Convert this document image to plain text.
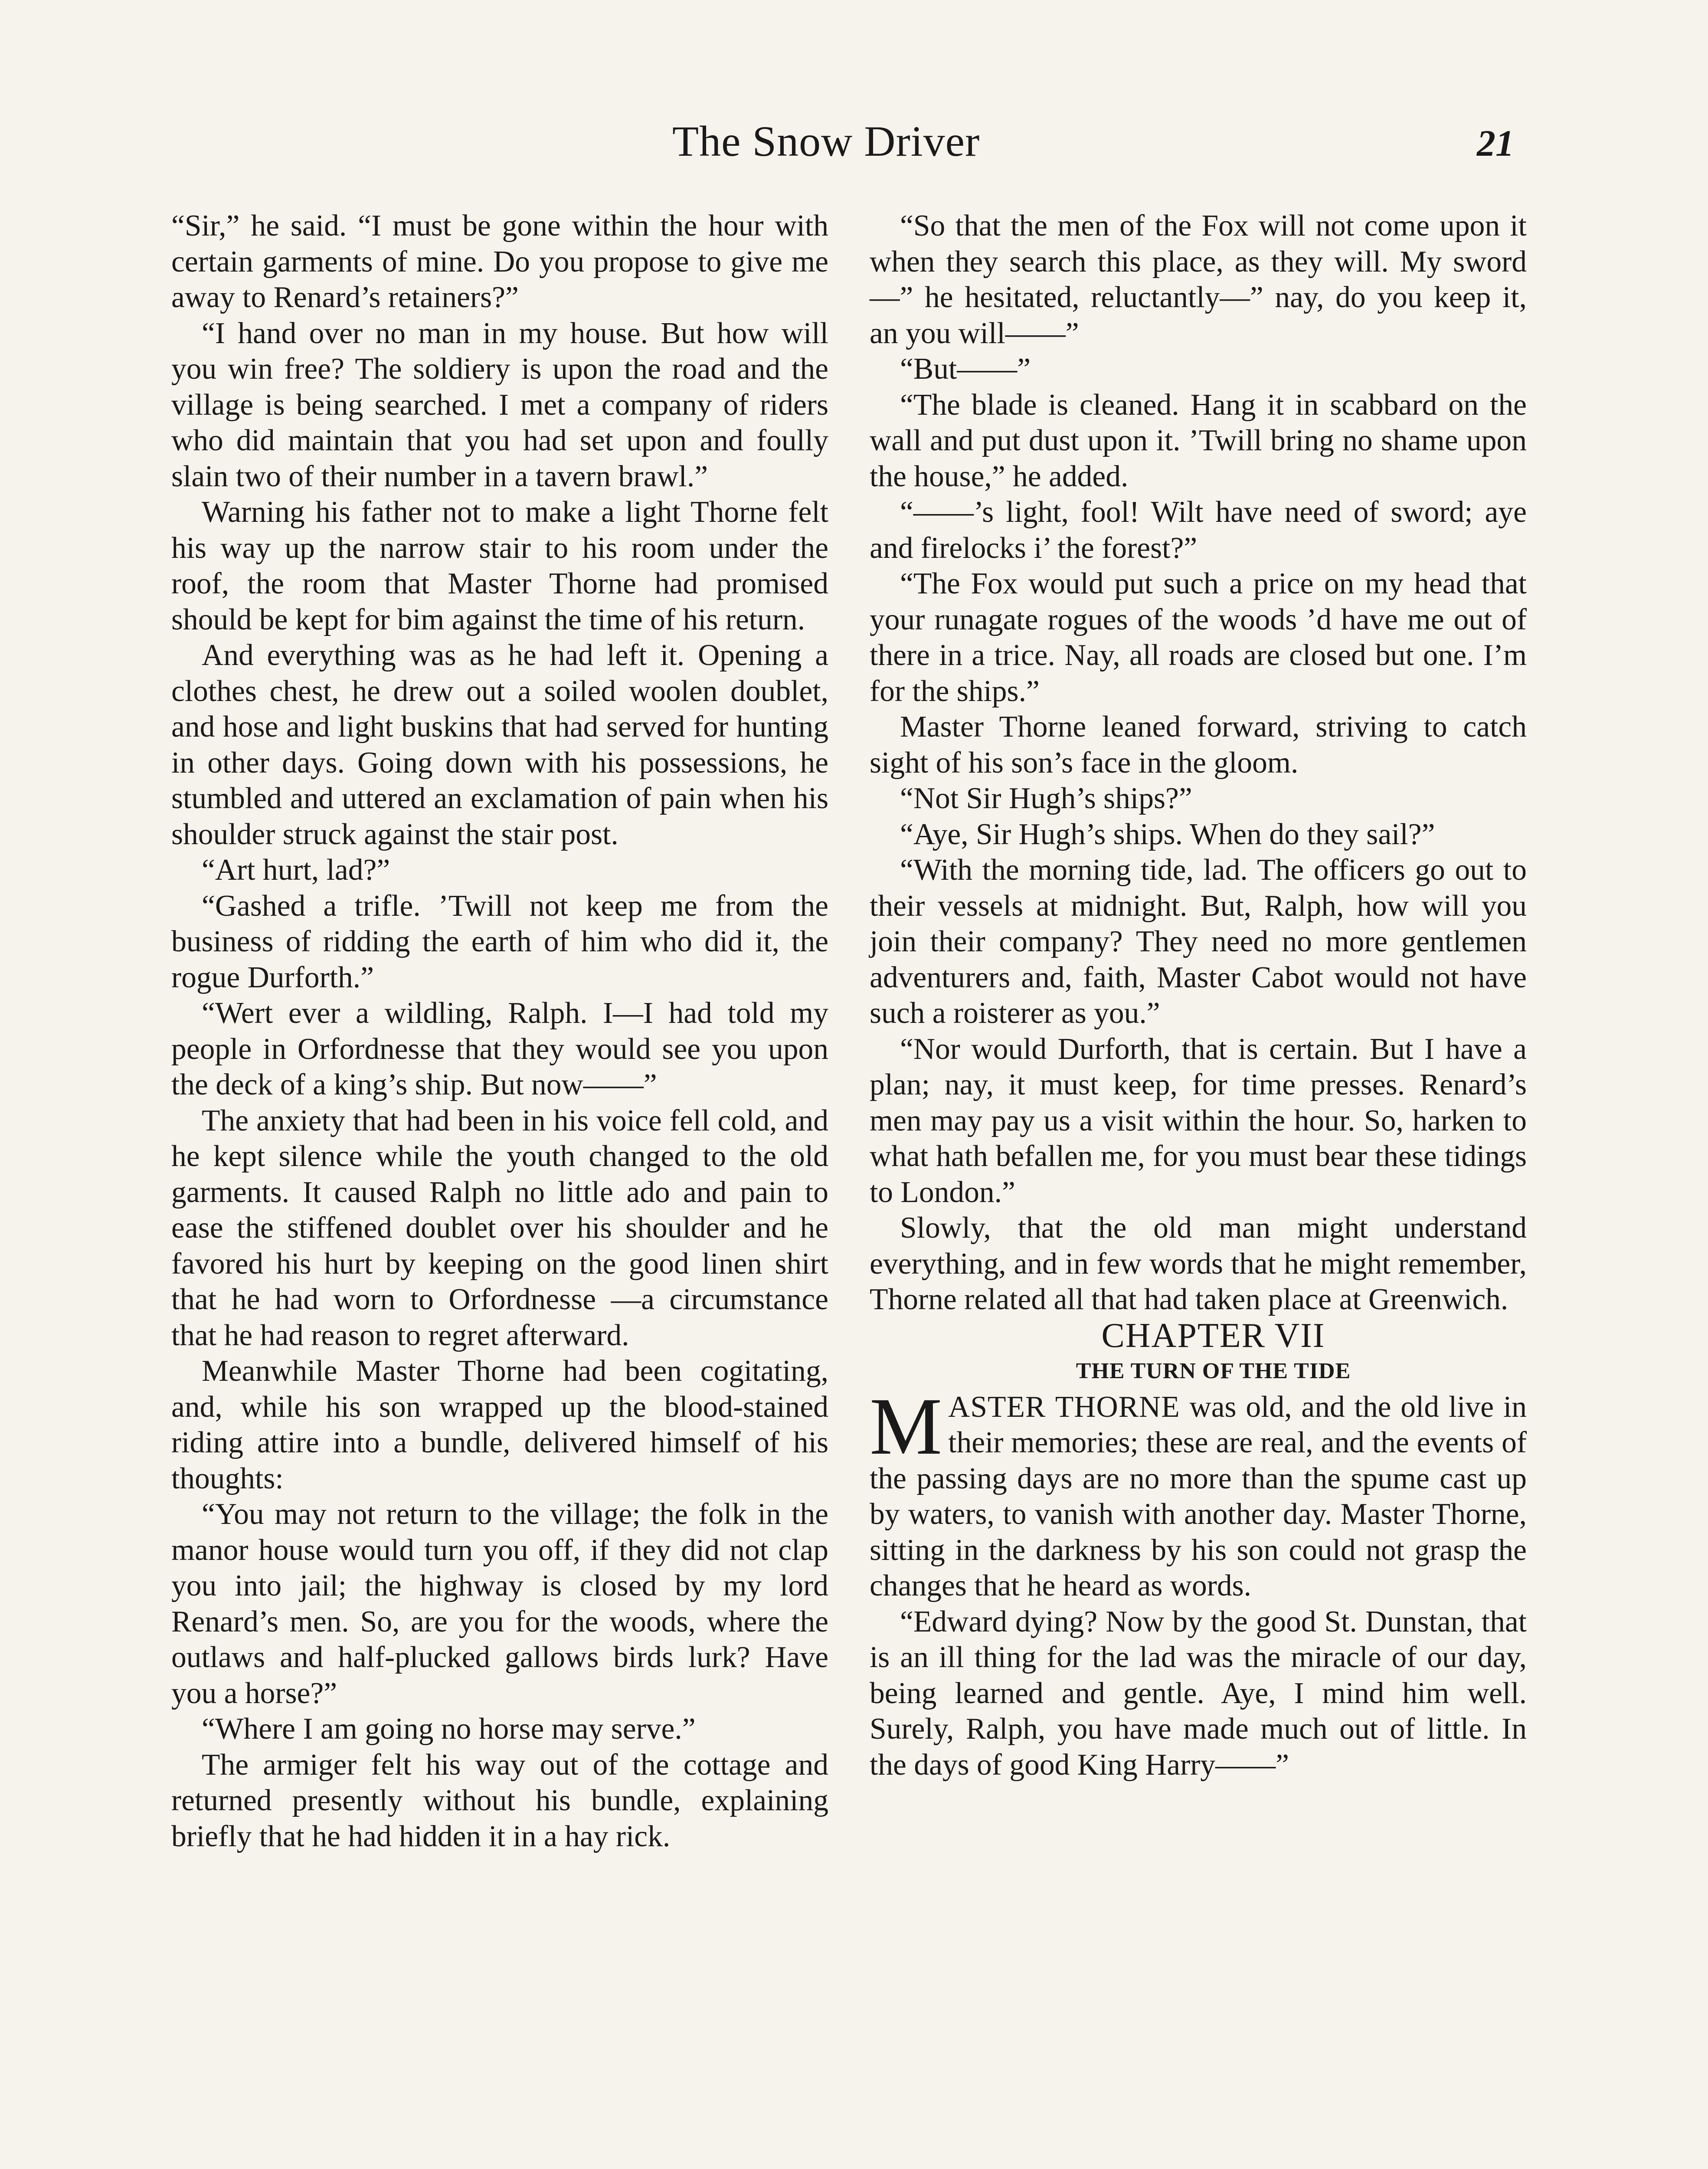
The Snow Driver	21

“Sir,” he said. “I must be gone within the hour with certain garments of mine. Do you propose to give me away to Renard’s retainers?”

“I hand over no man in my house. But how will you win free? The soldiery is upon the road and the village is being searched. I met a company of riders who did maintain that you had set upon and foully slain two of their number in a tavern brawl.”

Warning his father not to make a light Thorne felt his way up the narrow stair to his room under the roof, the room that Master Thorne had promised should be kept for bim against the time of his return.

And everything was as he had left it. Opening a clothes chest, he drew out a soiled woolen doublet, and hose and light buskins that had served for hunting in other days. Going down with his possessions, he stumbled and uttered an exclamation of pain when his shoulder struck against the stair post.

“Art hurt, lad?”

“Gashed a trifle. ’Twill not keep me from the business of ridding the earth of him who did it, the rogue Durforth.”

“Wert ever a wildling, Ralph. I—I had told my people in Orfordnesse that they would see you upon the deck of a king’s ship. But now——”

The anxiety that had been in his voice fell cold, and he kept silence while the youth changed to the old garments. It caused Ralph no little ado and pain to ease the stiffened doublet over his shoulder and he favored his hurt by keeping on the good linen shirt that he had worn to Orfordnesse —a circumstance that he had reason to regret afterward.

Meanwhile Master Thorne had been cogitating, and, while his son wrapped up the blood-stained riding attire into a bundle, delivered himself of his thoughts:

“You may not return to the village; the folk in the manor house would turn you off, if they did not clap you into jail; the highway is closed by my lord Renard’s men. So, are you for the woods, where the outlaws and half-plucked gallows birds lurk? Have you a horse?”

“Where I am going no horse may serve.”

The armiger felt his way out of the cottage and returned presently without his bundle, explaining briefly that he had hidden it in a hay rick.

“So that the men of the Fox will not come upon it when they search this place, as they will. My sword—” he hesitated, reluctantly—” nay, do you keep it, an you will——”

“But——”

“The blade is cleaned. Hang it in scabbard on the wall and put dust upon it. ’Twill bring no shame upon the house,” he added.

“——’s light, fool! Wilt have need of sword; aye and firelocks i’ the forest?”

“The Fox would put such a price on my head that your runagate rogues of the woods ’d have me out of there in a trice. Nay, all roads are closed but one. I’m for the ships.”

Master Thorne leaned forward, striving to catch sight of his son’s face in the gloom.

“Not Sir Hugh’s ships?”

“Aye, Sir Hugh’s ships. When do they sail?”

“With the morning tide, lad. The officers go out to their vessels at midnight. But, Ralph, how will you join their company? They need no more gentlemen adventurers and, faith, Master Cabot would not have such a roisterer as you.”

“Nor would Durforth, that is certain. But I have a plan; nay, it must keep, for time presses. Renard’s men may pay us a visit within the hour. So, harken to what hath befallen me, for you must bear these tidings to London.”

Slowly, that the old man might understand everything, and in few words that he might remember, Thorne related all that had taken place at Greenwich.

CHAPTER VII

THE TURN OF THE TIDE

MASTER THORNE was old, and the old live in their memories; these are real, and the events of the passing days are no more than the spume cast up by waters, to vanish with another day. Master Thorne, sitting in the darkness by his son could not grasp the changes that he heard as words.

“Edward dying? Now by the good St. Dunstan, that is an ill thing for the lad was the miracle of our day, being learned and gentle. Aye, I mind him well. Surely, Ralph, you have made much out of little. In the days of good King Harry——”
